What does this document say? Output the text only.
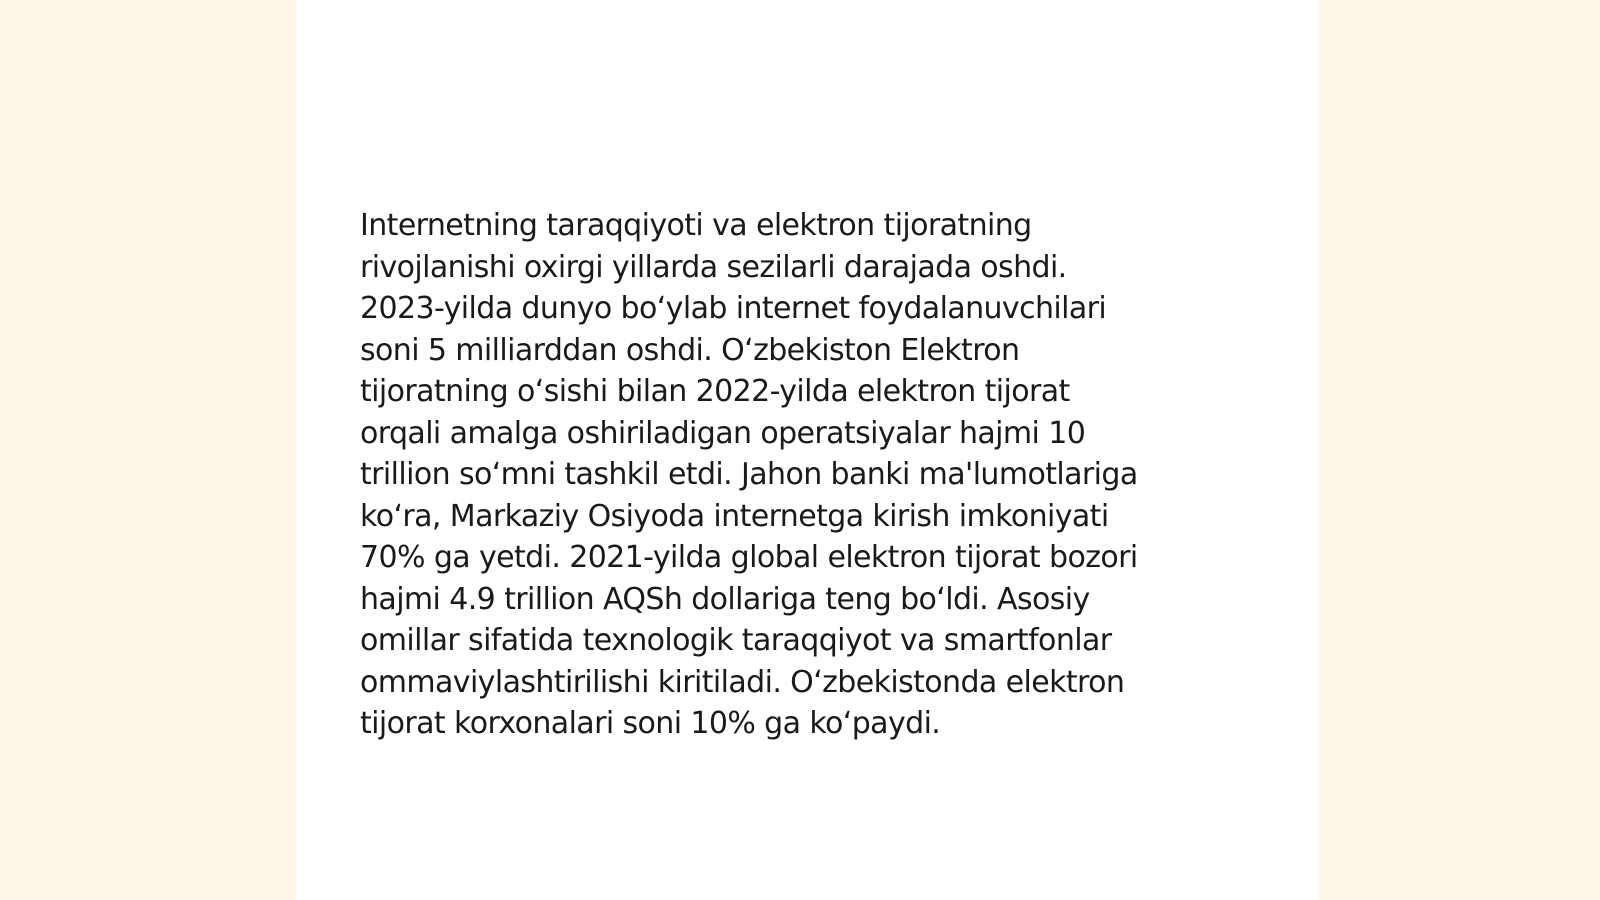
Internetning taraqqiyoti va elektron tijoratning
rivojlanishi oxirgi yillarda sezilarli darajada oshdi.
2023-yilda dunyo boʻylab internet foydalanuvchilari
soni 5 milliarddan oshdi. Oʻzbekiston Elektron
tijoratning oʻsishi bilan 2022-yilda elektron tijorat
orqali amalga oshiriladigan operatsiyalar hajmi 10
trillion soʻmni tashkil etdi. Jahon banki ma'lumotlariga
koʻra, Markaziy Osiyoda internetga kirish imkoniyati
70% ga yetdi. 2021-yilda global elektron tijorat bozori
hajmi 4.9 trillion AQSh dollariga teng boʻldi. Asosiy
omillar sifatida texnologik taraqqiyot va smartfonlar
ommaviylashtirilishi kiritiladi. Oʻzbekistonda elektron
tijorat korxonalari soni 10% ga koʻpaydi.
